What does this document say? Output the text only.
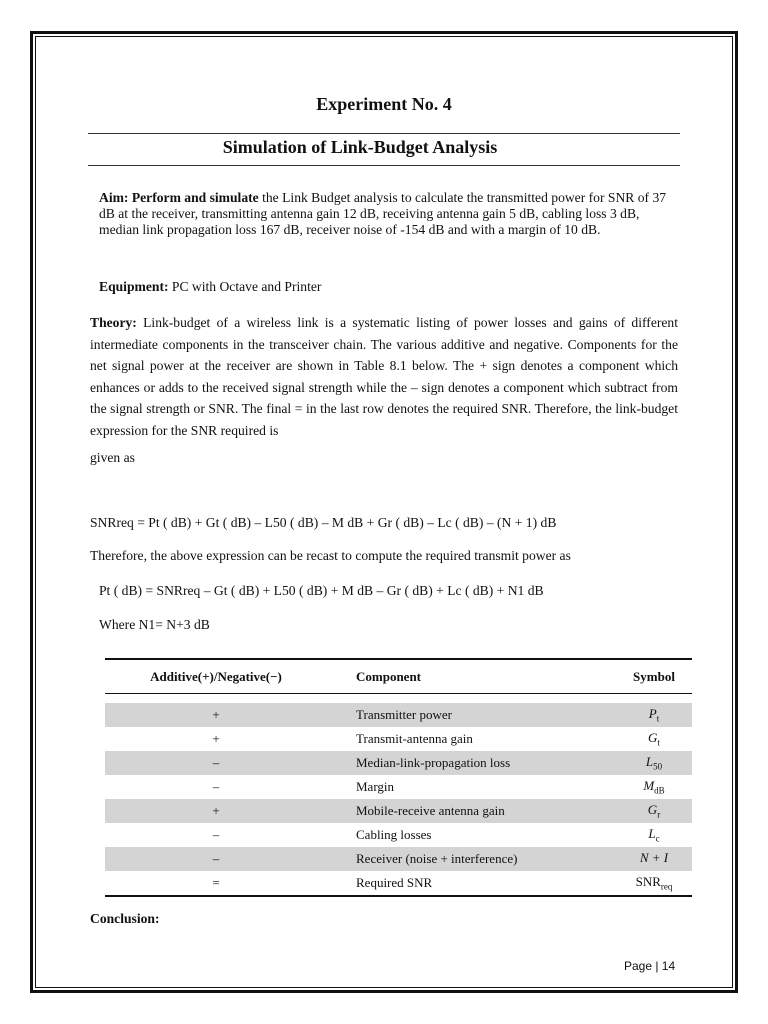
Experiment No. 4
Simulation of Link-Budget Analysis
Aim: Perform and simulate the Link Budget analysis to calculate the transmitted power for SNR of 37 dB at the receiver, transmitting antenna gain 12 dB, receiving antenna gain 5 dB, cabling loss 3 dB, median link propagation loss 167 dB, receiver noise of -154 dB and with a margin of 10 dB.
Equipment: PC with Octave and Printer
Theory: Link-budget of a wireless link is a systematic listing of power losses and gains of different intermediate components in the transceiver chain. The various additive and negative. Components for the net signal power at the receiver are shown in Table 8.1 below. The + sign denotes a component which enhances or adds to the received signal strength while the – sign denotes a component which subtract from the signal strength or SNR. The final = in the last row denotes the required SNR. Therefore, the link-budget expression for the SNR required is
given as
SNRreq = Pt ( dB) + Gt ( dB) – L50 ( dB) – M dB + Gr ( dB) – Lc ( dB) – (N + 1) dB
Therefore, the above expression can be recast to compute the required transmit power as
Pt ( dB) = SNRreq – Gt ( dB) + L50 ( dB) + M dB – Gr ( dB) + Lc ( dB) + N1 dB
Where N1= N+3 dB
Additive(+)/Negative(−)	Component	Symbol

+	Transmitter power	$P_t$
+	Transmit-antenna gain	$G_t$
–	Median-link-propagation loss	$L_{50}$
–	Margin	$M_{dB}$
+	Mobile-receive antenna gain	$G_r$
–	Cabling losses	$L_c$
–	Receiver (noise + interference)	N + I
=	Required SNR	$SNR_{req}$
Conclusion:
Page | 14
